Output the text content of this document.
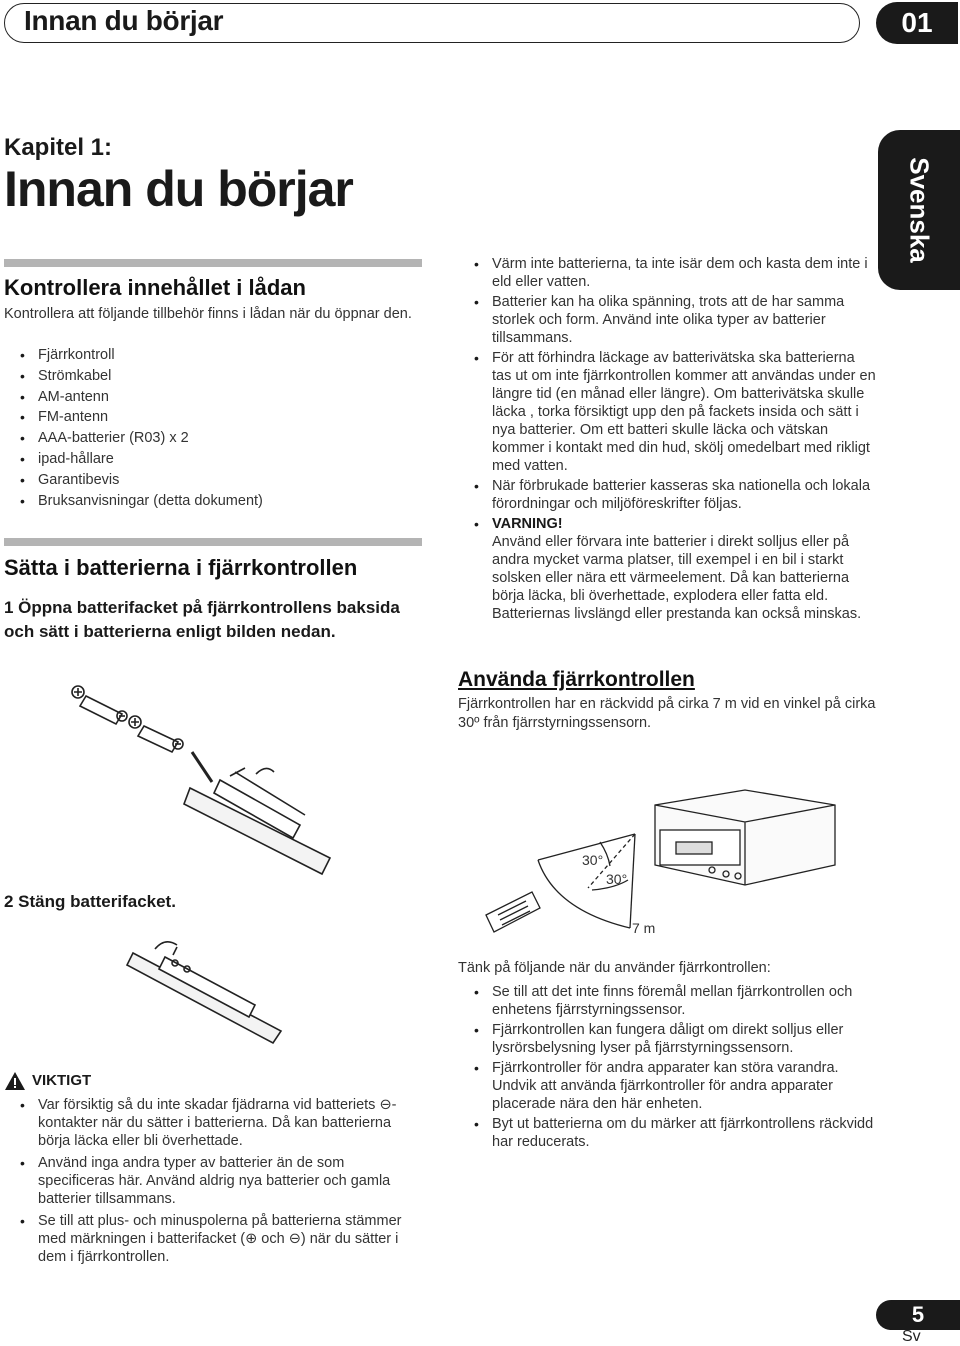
Innan du börjar	01
Svenska
Kapitel 1:
Innan du börjar
Kontrollera innehållet i lådan
Kontrollera att följande tillbehör finns i lådan när du öppnar den.
• Fjärrkontroll
• Strömkabel
• AM-antenn
• FM-antenn
• AAA-batterier (R03) x 2
• ipad-hållare
• Garantibevis
• Bruksanvisningar (detta dokument)
Sätta i batterierna i fjärrkontrollen
1 Öppna batterifacket på fjärrkontrollens baksida och sätt i batterierna enligt bilden nedan.
2 Stäng batterifacket.
VIKTIGT
• Var försiktig så du inte skadar fjädrarna vid batteriets ⊖-kontakter när du sätter i batterierna. Då kan batterierna börja läcka eller bli överhettade.
• Använd inga andra typer av batterier än de som specificeras här. Använd aldrig nya batterier och gamla batterier tillsammans.
• Se till att plus- och minuspolerna på batterierna stämmer med märkningen i batterifacket (⊕ och ⊖) när du sätter i dem i fjärrkontrollen.
• Värm inte batterierna, ta inte isär dem och kasta dem inte i eld eller vatten.
• Batterier kan ha olika spänning, trots att de har samma storlek och form. Använd inte olika typer av batterier tillsammans.
• För att förhindra läckage av batterivätska ska batterierna tas ut om inte fjärrkontrollen kommer att användas under en längre tid (en månad eller längre). Om batterivätska skulle läcka , torka försiktigt upp den på fackets insida och sätt i nya batterier. Om ett batteri skulle läcka och vätskan kommer i kontakt med din hud, skölj omedelbart med rikligt med vatten.
• När förbrukade batterier kasseras ska nationella och lokala förordningar och miljöföreskrifter följas.
• VARNING!
Använd eller förvara inte batterier i direkt solljus eller på andra mycket varma platser, till exempel i en bil i starkt solsken eller nära ett värmeelement. Då kan batterierna börja läcka, bli överhettade, explodera eller fatta eld. Batteriernas livslängd eller prestanda kan också minskas.
Använda fjärrkontrollen
Fjärrkontrollen har en räckvidd på cirka 7 m vid en vinkel på cirka 30º från fjärrstyrningssensorn.
30°
30°
7 m
Tänk på följande när du använder fjärrkontrollen:
• Se till att det inte finns föremål mellan fjärrkontrollen och enhetens fjärrstyrningssensor.
• Fjärrkontrollen kan fungera dåligt om direkt solljus eller lysrörsbelysning lyser på fjärrstyrningssensorn.
• Fjärrkontroller för andra apparater kan störa varandra. Undvik att använda fjärrkontroller för andra apparater placerade nära den här enheten.
• Byt ut batterierna om du märker att fjärrkontrollens räckvidd har reducerats.
5
Sv
